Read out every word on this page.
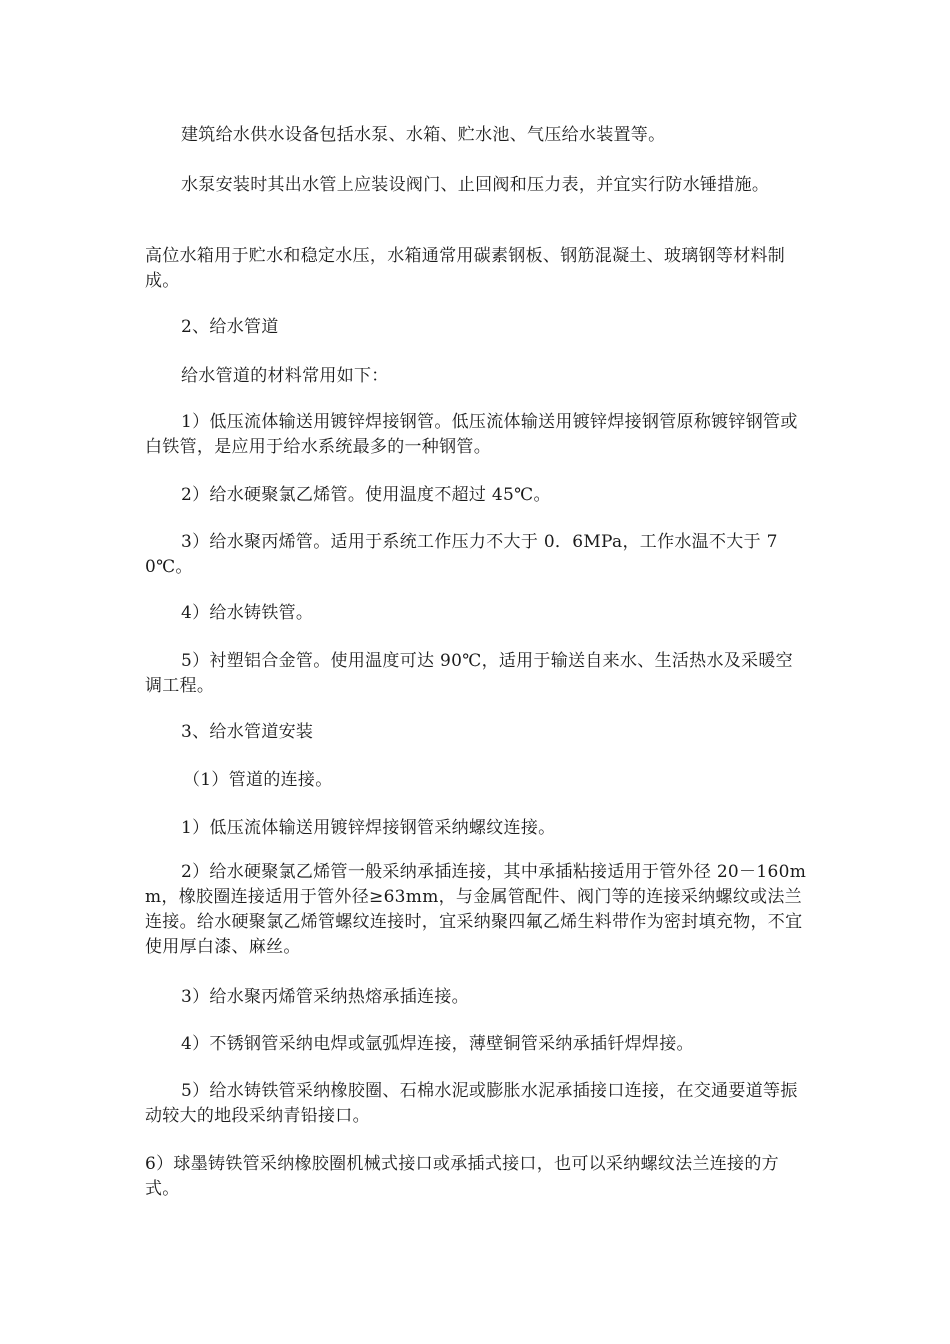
建筑给水供水设备包括水泵、水箱、贮水池、气压给水装置等。

水泵安装时其出水管上应装设阀门、止回阀和压力表，并宜实行防水锤措施。

高位水箱用于贮水和稳定水压，水箱通常用碳素钢板、钢筋混凝土、玻璃钢等材料制成。

2、给水管道

给水管道的材料常用如下：

1）低压流体输送用镀锌焊接钢管。低压流体输送用镀锌焊接钢管原称镀锌钢管或白铁管，是应用于给水系统最多的一种钢管。

2）给水硬聚氯乙烯管。使用温度不超过 45℃。

3）给水聚丙烯管。适用于系统工作压力不大于 0．6MPa，工作水温不大于 70℃。

4）给水铸铁管。

5）衬塑铝合金管。使用温度可达 90℃，适用于输送自来水、生活热水及采暖空调工程。

3、给水管道安装

（1）管道的连接。

1）低压流体输送用镀锌焊接钢管采纳螺纹连接。

2）给水硬聚氯乙烯管一般采纳承插连接，其中承插粘接适用于管外径 20－160mm，橡胶圈连接适用于管外径≥63mm，与金属管配件、阀门等的连接采纳螺纹或法兰连接。给水硬聚氯乙烯管螺纹连接时，宜采纳聚四氟乙烯生料带作为密封填充物，不宜使用厚白漆、麻丝。

3）给水聚丙烯管采纳热熔承插连接。

4）不锈钢管采纳电焊或氩弧焊连接，薄壁铜管采纳承插钎焊焊接。

5）给水铸铁管采纳橡胶圈、石棉水泥或膨胀水泥承插接口连接，在交通要道等振动较大的地段采纳青铅接口。

6）球墨铸铁管采纳橡胶圈机械式接口或承插式接口，也可以采纳螺纹法兰连接的方式。
